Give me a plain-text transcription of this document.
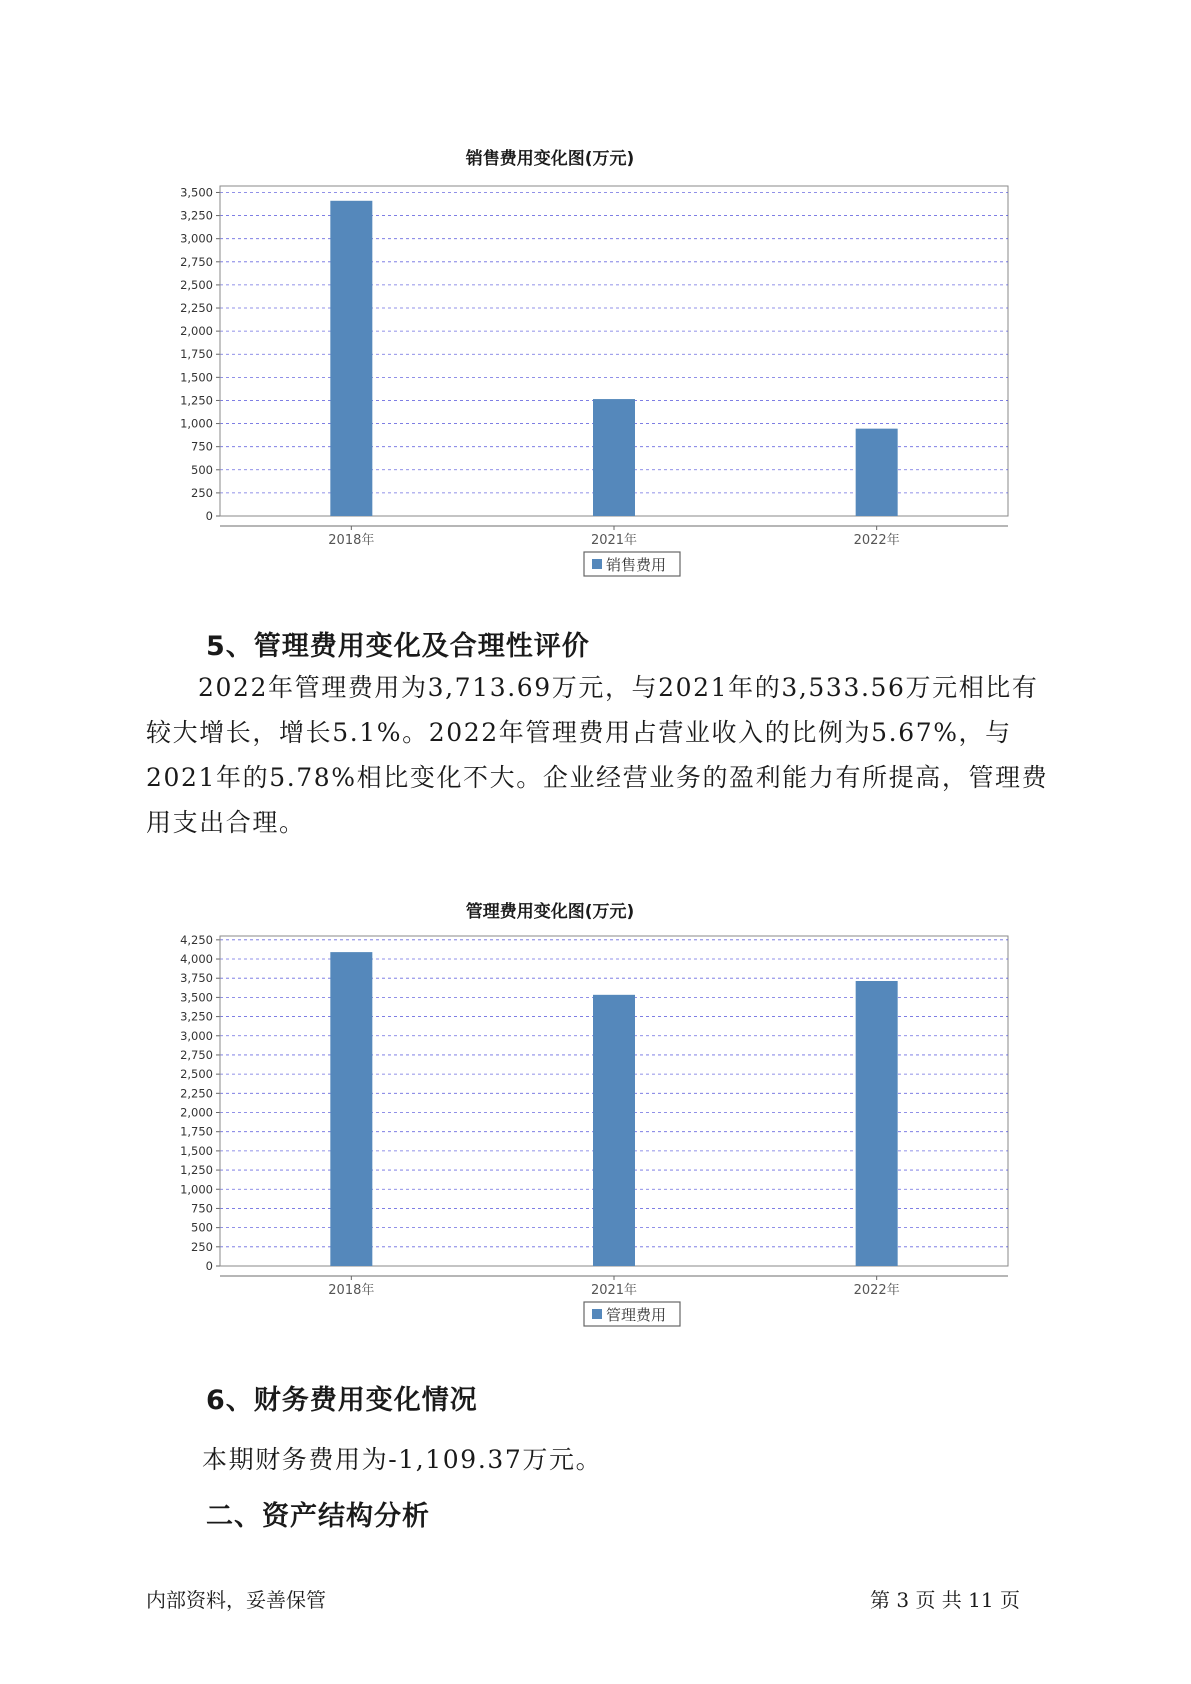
销售费用变化图(万元)
0
250
500
750
1,000
1,250
1,500
1,750
2,000
2,250
2,500
2,750
3,000
3,250
3,500
2018年	2021年	2022年
销售费用
5、管理费用变化及合理性评价
2022年管理费用为3,713.69万元，与2021年的3,533.56万元相比有较大增长，增长5.1%。2022年管理费用占营业收入的比例为5.67%，与2021年的5.78%相比变化不大。企业经营业务的盈利能力有所提高，管理费用支出合理。
管理费用变化图(万元)
0
250
500
750
1,000
1,250
1,500
1,750
2,000
2,250
2,500
2,750
3,000
3,250
3,500
3,750
4,000
4,250
2018年	2021年	2022年
管理费用
6、财务费用变化情况
本期财务费用为-1,109.37万元。
二、资产结构分析
内部资料，妥善保管	第 3 页 共 11 页
